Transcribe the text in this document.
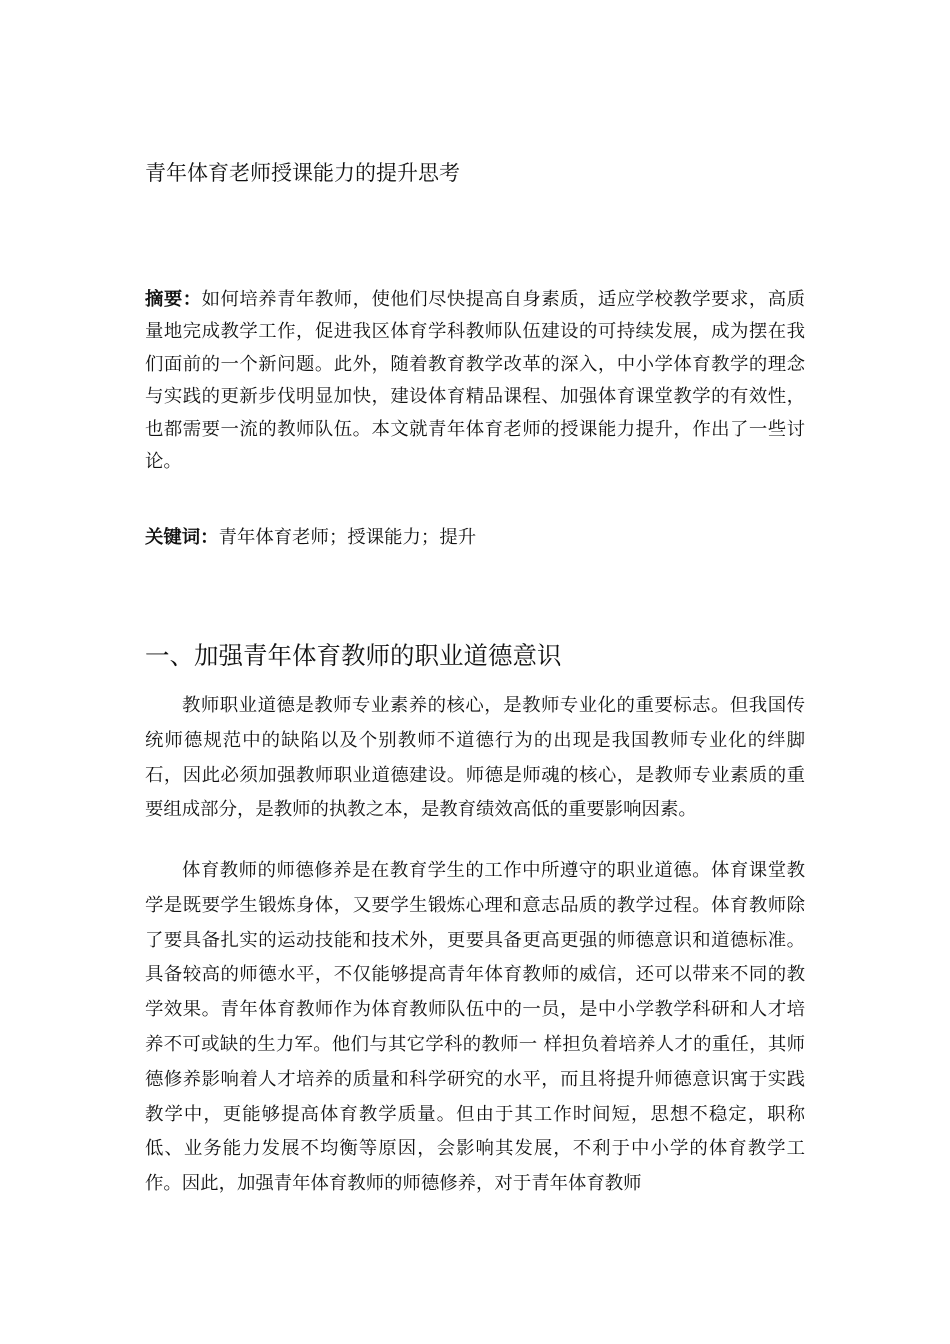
青年体育老师授课能力的提升思考

摘要：如何培养青年教师，使他们尽快提高自身素质，适应学校教学要求，高质量地完成教学工作，促进我区体育学科教师队伍建设的可持续发展，成为摆在我们面前的一个新问题。此外，随着教育教学改革的深入，中小学体育教学的理念与实践的更新步伐明显加快，建设体育精品课程、加强体育课堂教学的有效性，也都需要一流的教师队伍。本文就青年体育老师的授课能力提升，作出了一些讨论。

关键词：青年体育老师；授课能力；提升

一、加强青年体育教师的职业道德意识

教师职业道德是教师专业素养的核心，是教师专业化的重要标志。但我国传统师德规范中的缺陷以及个别教师不道德行为的出现是我国教师专业化的绊脚石，因此必须加强教师职业道德建设。师德是师魂的核心，是教师专业素质的重要组成部分，是教师的执教之本，是教育绩效高低的重要影响因素。

体育教师的师德修养是在教育学生的工作中所遵守的职业道德。体育课堂教学是既要学生锻炼身体，又要学生锻炼心理和意志品质的教学过程。体育教师除了要具备扎实的运动技能和技术外，更要具备更高更强的师德意识和道德标准。具备较高的师德水平，不仅能够提高青年体育教师的威信，还可以带来不同的教学效果。青年体育教师作为体育教师队伍中的一员，是中小学教学科研和人才培养不可或缺的生力军。他们与其它学科的教师一 样担负着培养人才的重任，其师德修养影响着人才培养的质量和科学研究的水平，而且将提升师德意识寓于实践教学中，更能够提高体育教学质量。但由于其工作时间短，思想不稳定，职称低、业务能力发展不均衡等原因，会影响其发展，不利于中小学的体育教学工作。因此，加强青年体育教师的师德修养，对于青年体育教师
